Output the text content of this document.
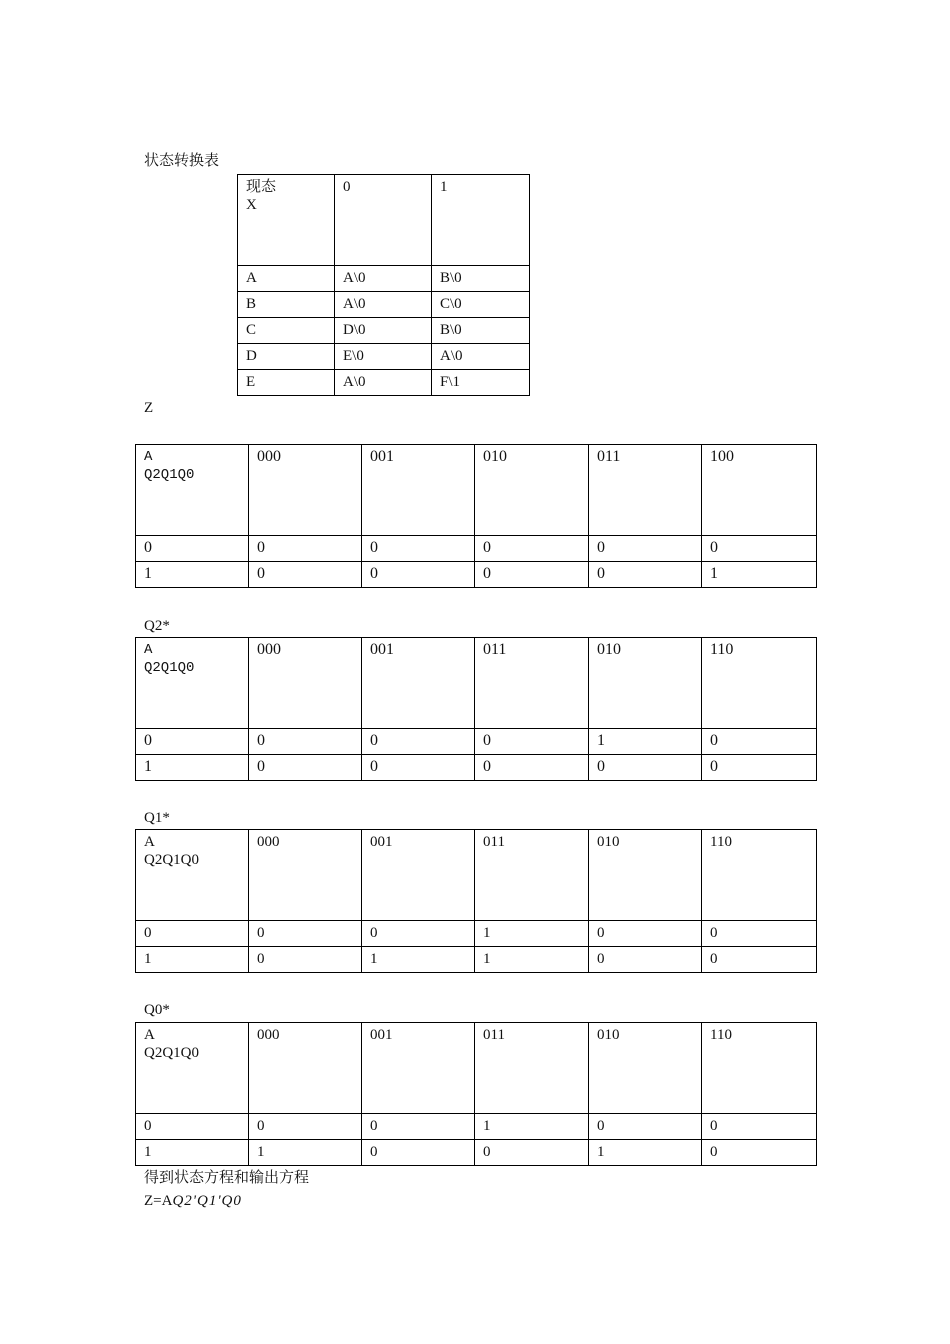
状态转换表
现态
X	0	1
A	A\0	B\0
B	A\0	C\0
C	D\0	B\0
D	E\0	A\0
E	A\0	F\1
Z
A
Q2Q1Q0	000	001	010	011	100
0	0	0	0	0	0
1	0	0	0	0	1
Q2*
A
Q2Q1Q0	000	001	011	010	110
0	0	0	0	1	0
1	0	0	0	0	0
Q1*
A
Q2Q1Q0	000	001	011	010	110
0	0	0	1	0	0
1	0	1	1	0	0
Q0*
A
Q2Q1Q0	000	001	011	010	110
0	0	0	1	0	0
1	1	0	0	1	0
得到状态方程和输出方程
Z=AQ2'Q1'Q0
